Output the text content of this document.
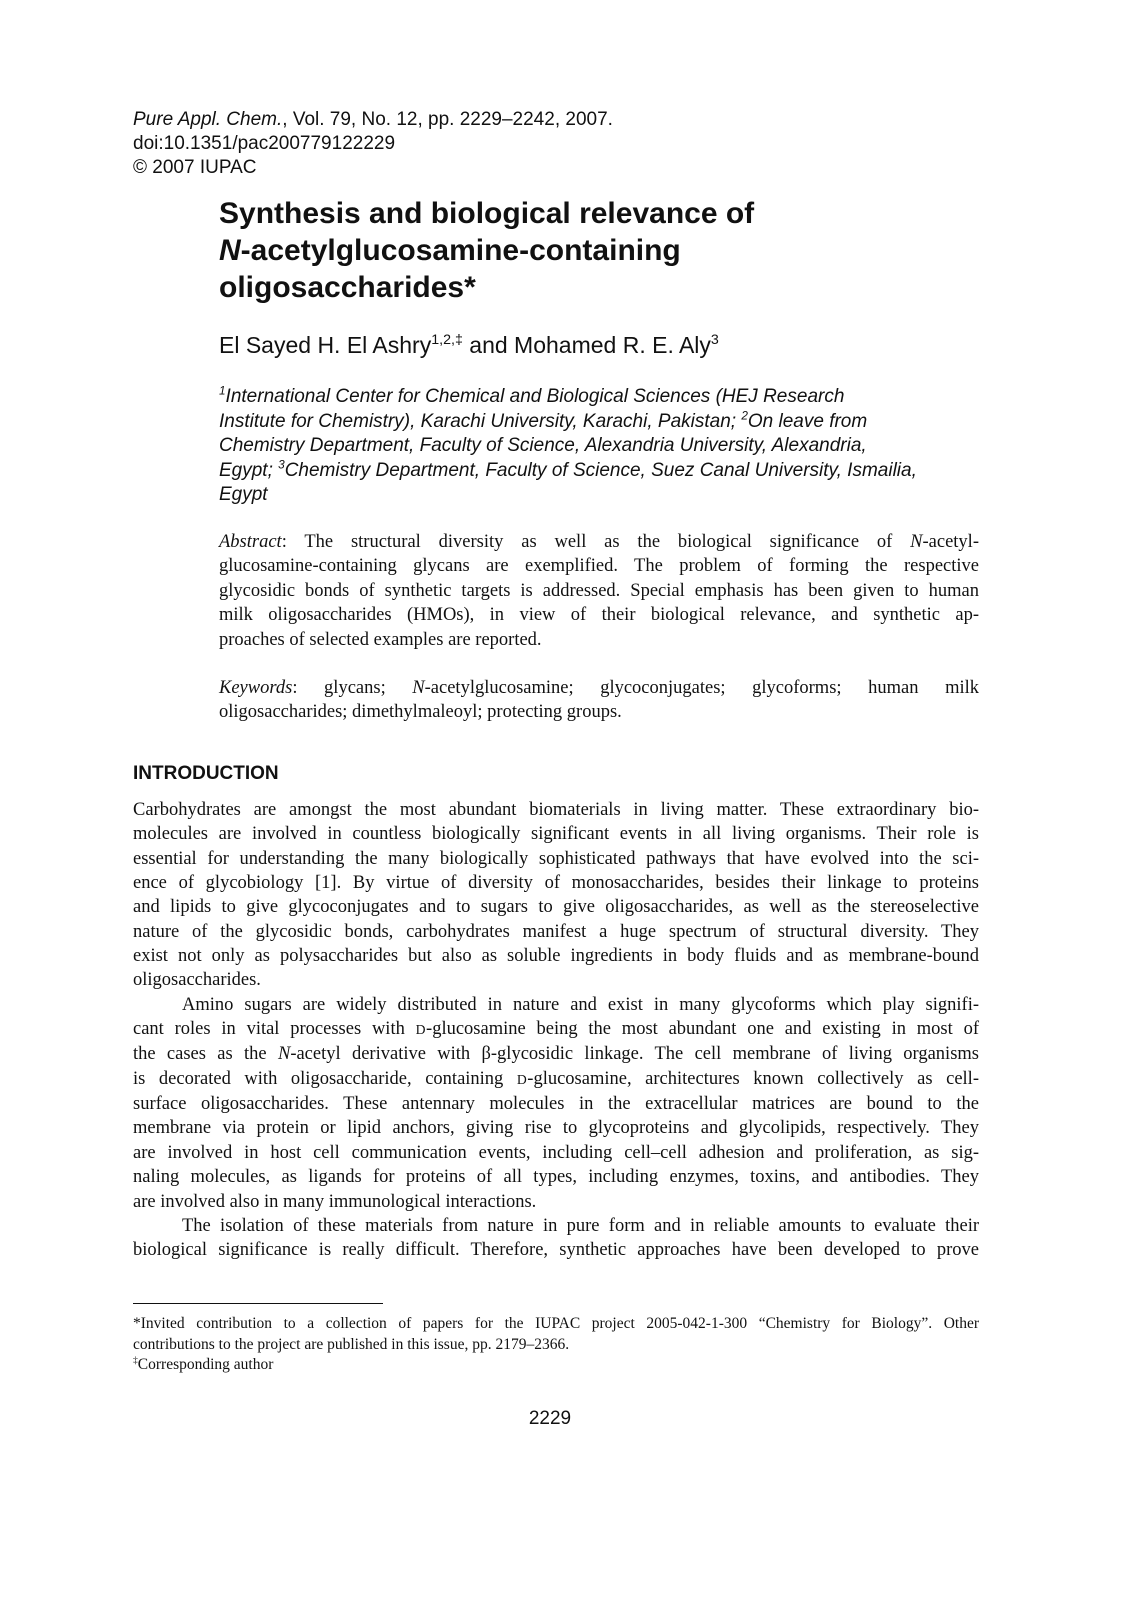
Pure Appl. Chem., Vol. 79, No. 12, pp. 2229–2242, 2007.
doi:10.1351/pac200779122229
© 2007 IUPAC
Synthesis and biological relevance of
N-acetylglucosamine-containing
oligosaccharides*
El Sayed H. El Ashry$^{1,2,\ddagger}$ and Mohamed R. E. Aly$^3$
$^1$International Center for Chemical and Biological Sciences (HEJ Research
Institute for Chemistry), Karachi University, Karachi, Pakistan; $^2$On leave from
Chemistry Department, Faculty of Science, Alexandria University, Alexandria,
Egypt; $^3$Chemistry Department, Faculty of Science, Suez Canal University, Ismailia,
Egypt
Abstract: The structural diversity as well as the biological significance of N-acetyl-
glucosamine-containing glycans are exemplified. The problem of forming the respective
glycosidic bonds of synthetic targets is addressed. Special emphasis has been given to human
milk oligosaccharides (HMOs), in view of their biological relevance, and synthetic ap-
proaches of selected examples are reported.
Keywords: glycans; N-acetylglucosamine; glycoconjugates; glycoforms; human milk
oligosaccharides; dimethylmaleoyl; protecting groups.
INTRODUCTION
Carbohydrates are amongst the most abundant biomaterials in living matter. These extraordinary bio-
molecules are involved in countless biologically significant events in all living organisms. Their role is
essential for understanding the many biologically sophisticated pathways that have evolved into the sci-
ence of glycobiology [1]. By virtue of diversity of monosaccharides, besides their linkage to proteins
and lipids to give glycoconjugates and to sugars to give oligosaccharides, as well as the stereoselective
nature of the glycosidic bonds, carbohydrates manifest a huge spectrum of structural diversity. They
exist not only as polysaccharides but also as soluble ingredients in body fluids and as membrane-bound
oligosaccharides.
Amino sugars are widely distributed in nature and exist in many glycoforms which play signifi-
cant roles in vital processes with D-glucosamine being the most abundant one and existing in most of
the cases as the N-acetyl derivative with β-glycosidic linkage. The cell membrane of living organisms
is decorated with oligosaccharide, containing D-glucosamine, architectures known collectively as cell-
surface oligosaccharides. These antennary molecules in the extracellular matrices are bound to the
membrane via protein or lipid anchors, giving rise to glycoproteins and glycolipids, respectively. They
are involved in host cell communication events, including cell–cell adhesion and proliferation, as sig-
naling molecules, as ligands for proteins of all types, including enzymes, toxins, and antibodies. They
are involved also in many immunological interactions.
The isolation of these materials from nature in pure form and in reliable amounts to evaluate their
biological significance is really difficult. Therefore, synthetic approaches have been developed to prove
*Invited contribution to a collection of papers for the IUPAC project 2005-042-1-300 “Chemistry for Biology”. Other
contributions to the project are published in this issue, pp. 2179–2366.
‡Corresponding author
2229
